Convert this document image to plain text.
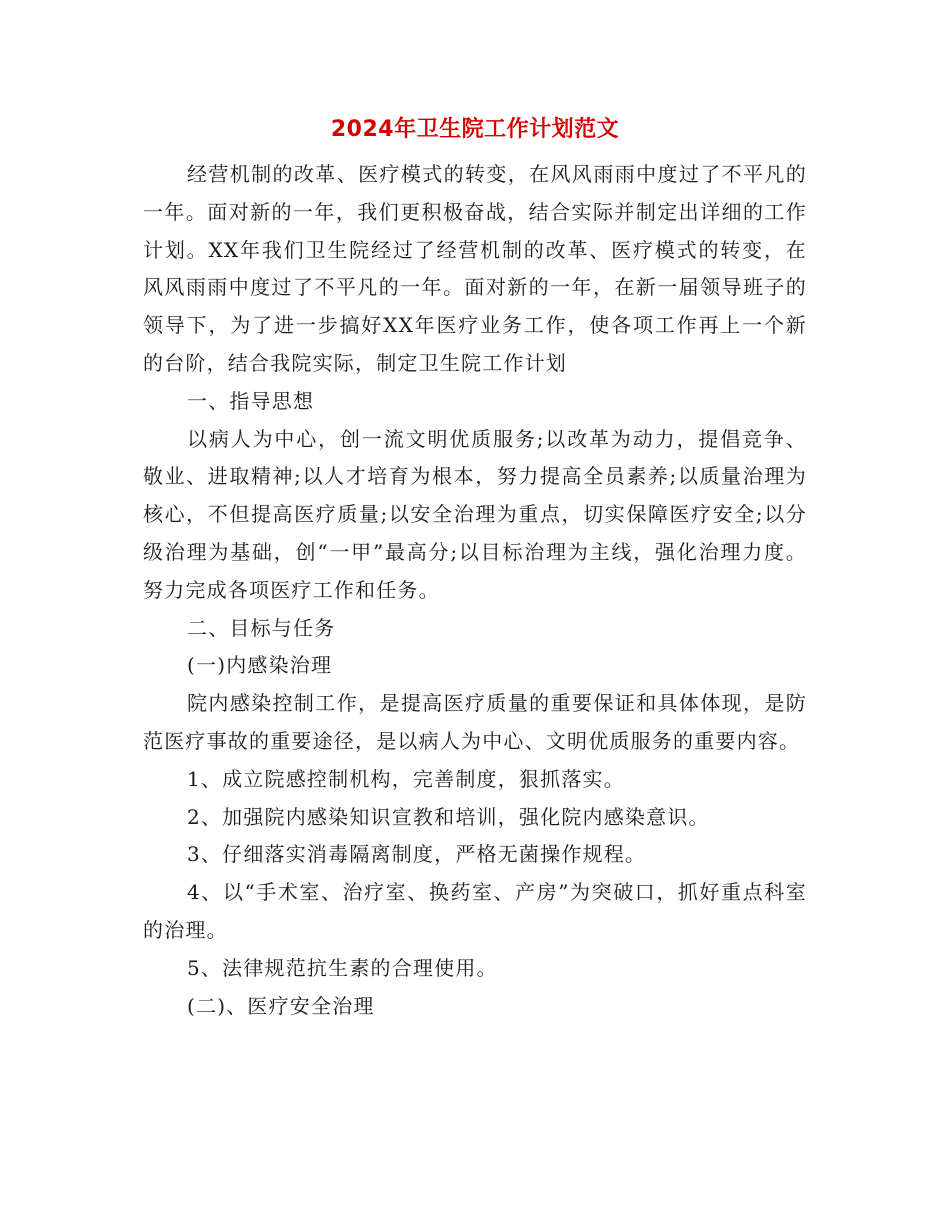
2024年卫生院工作计划范文

经营机制的改革、医疗模式的转变，在风风雨雨中度过了不平凡的一年。面对新的一年，我们更积极奋战，结合实际并制定出详细的工作计划。XX年我们卫生院经过了经营机制的改革、医疗模式的转变，在风风雨雨中度过了不平凡的一年。面对新的一年，在新一届领导班子的领导下，为了进一步搞好XX年医疗业务工作，使各项工作再上一个新的台阶，结合我院实际，制定卫生院工作计划

一、指导思想

以病人为中心，创一流文明优质服务;以改革为动力，提倡竞争、敬业、进取精神;以人才培育为根本，努力提高全员素养;以质量治理为核心，不但提高医疗质量;以安全治理为重点，切实保障医疗安全;以分级治理为基础，创“一甲”最高分;以目标治理为主线，强化治理力度。努力完成各项医疗工作和任务。

二、目标与任务

(一)内感染治理

院内感染控制工作，是提高医疗质量的重要保证和具体体现，是防范医疗事故的重要途径，是以病人为中心、文明优质服务的重要内容。

1、成立院感控制机构，完善制度，狠抓落实。

2、加强院内感染知识宣教和培训，强化院内感染意识。

3、仔细落实消毒隔离制度，严格无菌操作规程。

4、以“手术室、治疗室、换药室、产房”为突破口，抓好重点科室的治理。

5、法律规范抗生素的合理使用。

(二)、医疗安全治理
